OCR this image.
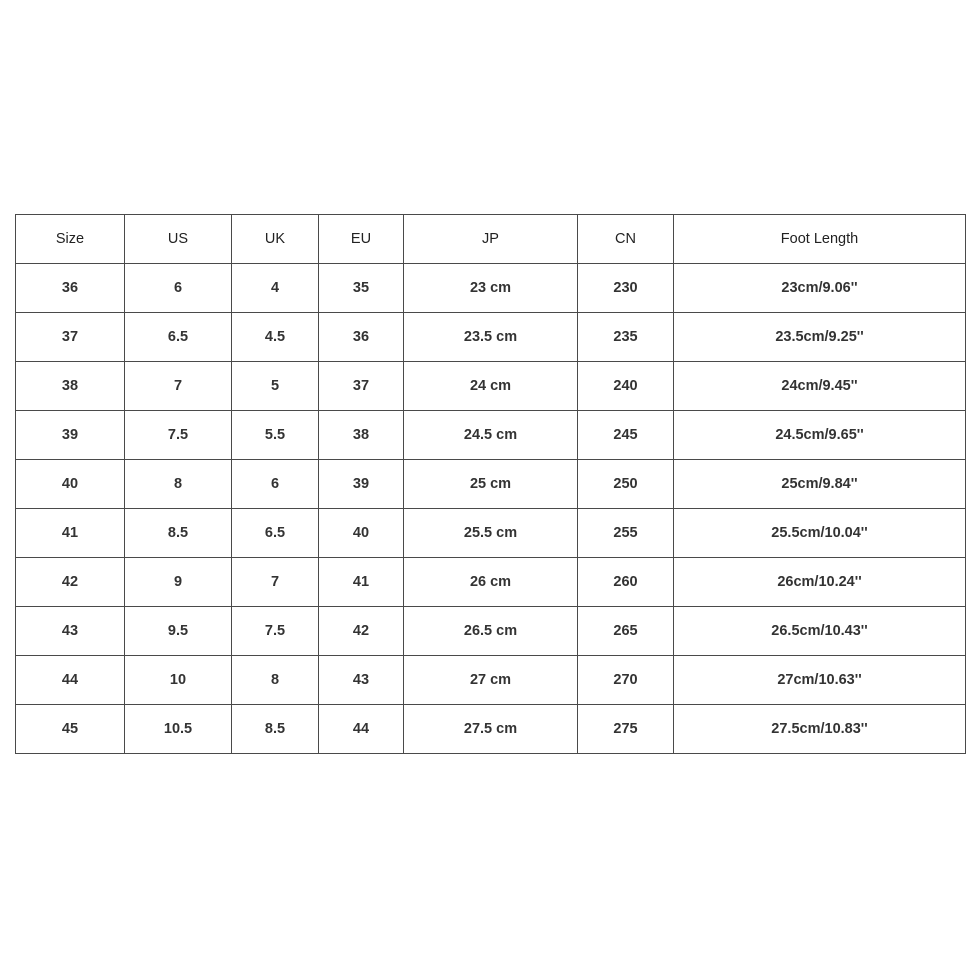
Size	US	UK	EU	JP	CN	Foot Length
36	6	4	35	23 cm	230	23cm/9.06''
37	6.5	4.5	36	23.5 cm	235	23.5cm/9.25''
38	7	5	37	24 cm	240	24cm/9.45''
39	7.5	5.5	38	24.5 cm	245	24.5cm/9.65''
40	8	6	39	25 cm	250	25cm/9.84''
41	8.5	6.5	40	25.5 cm	255	25.5cm/10.04''
42	9	7	41	26 cm	260	26cm/10.24''
43	9.5	7.5	42	26.5 cm	265	26.5cm/10.43''
44	10	8	43	27 cm	270	27cm/10.63''
45	10.5	8.5	44	27.5 cm	275	27.5cm/10.83''
